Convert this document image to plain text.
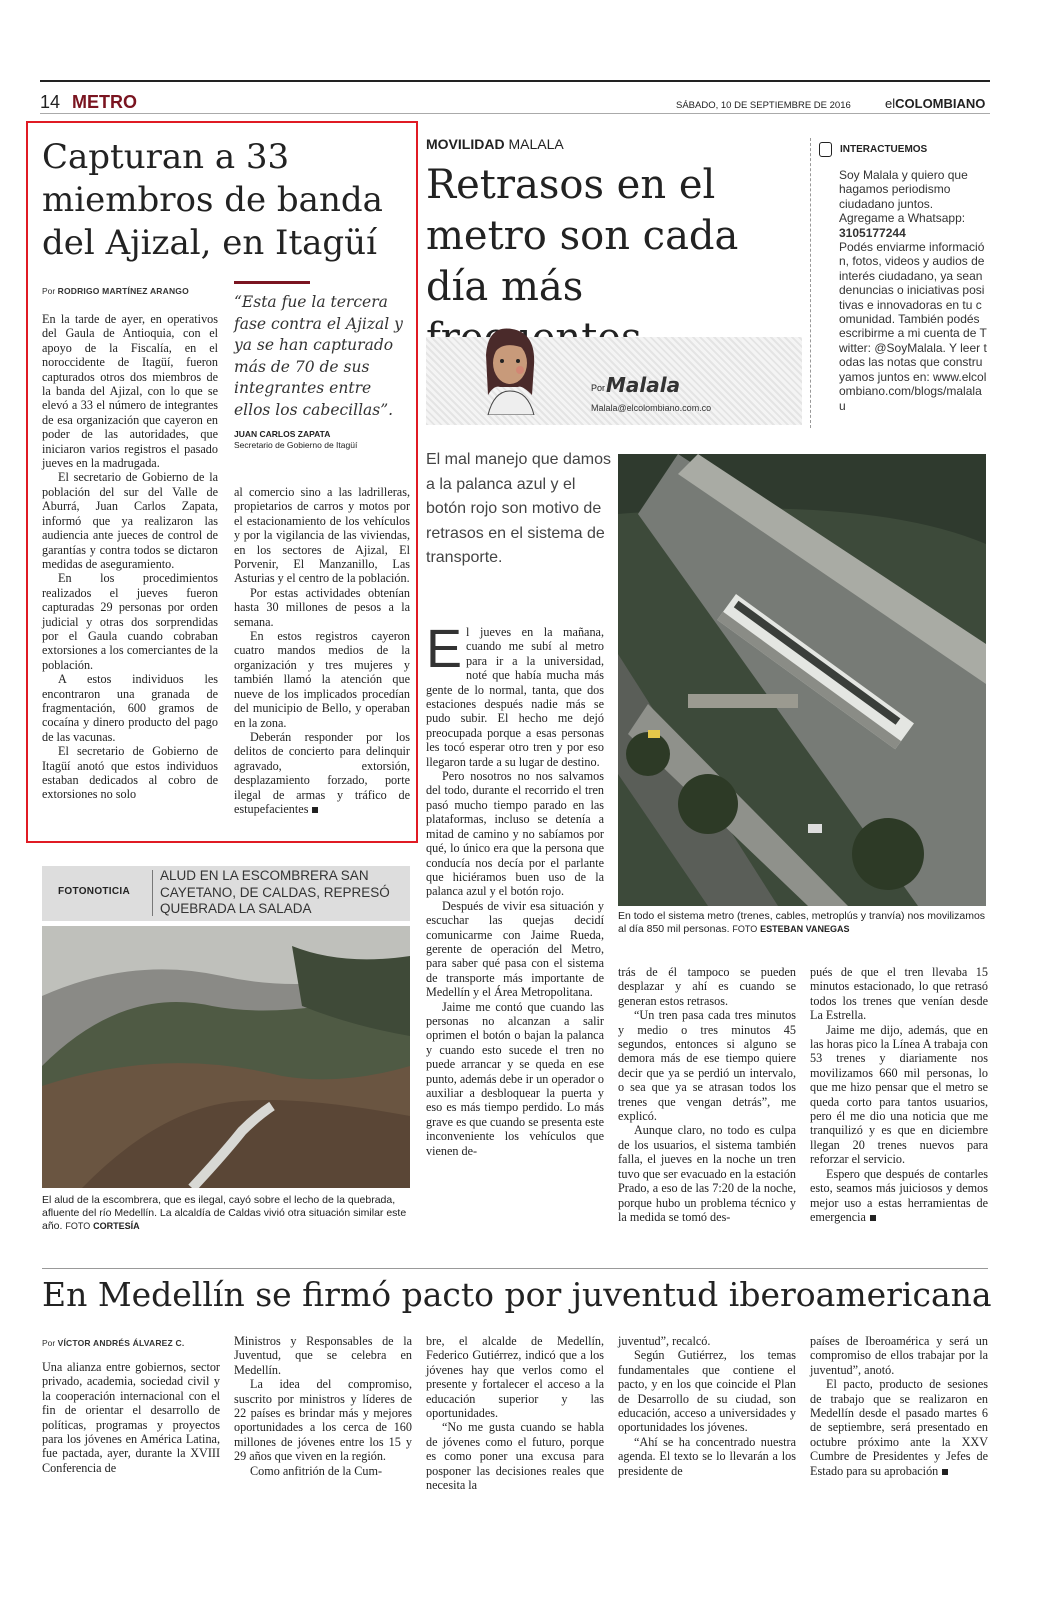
14 METRO	SÁBADO, 10 DE SEPTIEMBRE DE 2016	elCOLOMBIANO
Capturan a 33 miembros de banda del Ajizal, en Itagüí
Por RODRIGO MARTÍNEZ ARANGO

En la tarde de ayer, en operativos del Gaula de Antioquia, con el apoyo de la Fiscalía, en el noroccidente de Itagüí, fueron capturados otros dos miembros de la banda del Ajizal, con lo que se elevó a 33 el número de integrantes de esa organización que cayeron en poder de las autoridades, que iniciaron varios registros el pasado jueves en la madrugada.

El secretario de Gobierno de la población del sur del Valle de Aburrá, Juan Carlos Zapata, informó que ya realizaron las audiencia ante jueces de control de garantías y contra todos se dictaron medidas de aseguramiento.

En los procedimientos realizados el jueves fueron capturadas 29 personas por orden judicial y otras dos sorprendidas por el Gaula cuando cobraban extorsiones a los comerciantes de la población.

A estos individuos les encontraron una granada de fragmentación, 600 gramos de cocaína y dinero producto del pago de las vacunas.

El secretario de Gobierno de Itagüí anotó que estos individuos estaban dedicados al cobro de extorsiones no solo

“Esta fue la tercera fase contra el Ajizal y ya se han capturado más de 70 de sus integrantes entre ellos los cabecillas”.
JUAN CARLOS ZAPATA
Secretario de Gobierno de Itagüí

al comercio sino a las ladrilleras, propietarios de carros y motos por el estacionamiento de los vehículos y por la vigilancia de las viviendas, en los sectores de Ajizal, El Porvenir, El Manzanillo, Las Asturias y el centro de la población.

Por estas actividades obtenían hasta 30 millones de pesos a la semana.

En estos registros cayeron cuatro mandos medios de la organización y tres mujeres y también llamó la atención que nueve de los implicados procedían del municipio de Bello, y operaban en la zona.

Deberán responder por los delitos de concierto para delinquir agravado, extorsión, desplazamiento forzado, porte ilegal de armas y tráfico de estupefacientes

FOTONOTICIA
ALUD EN LA ESCOMBRERA SAN CAYETANO, DE CALDAS, REPRESÓ QUEBRADA LA SALADA
El alud de la escombrera, que es ilegal, cayó sobre el lecho de la quebrada, afluente del río Medellín. La alcaldía de Caldas vivió otra situación similar este año. FOTO CORTESÍA
MOVILIDAD MALALA
Retrasos en el metro son cada día más
Por Malala
Malala@elcolombiano.com.co
El mal manejo que damos a la palanca azul y el botón rojo son motivo de retrasos en el sistema de transporte.
En todo el sistema metro (trenes, cables, metroplús y tranvía) nos movilizamos al día 850 mil personas. FOTO ESTEBAN VANEGAS

El jueves en la mañana, cuando me subí al metro para ir a la universidad, noté que había mucha más gente de lo normal, tanta, que dos estaciones después nadie más se pudo subir. El hecho me dejó preocupada porque a esas personas les tocó esperar otro tren y por eso llegaron tarde a su lugar de destino.

Pero nosotros no nos salvamos del todo, durante el recorrido el tren pasó mucho tiempo parado en las plataformas, incluso se detenía a mitad de camino y no sabíamos por qué, lo único era que la persona que conducía nos decía por el parlante que hiciéramos buen uso de la palanca azul y el botón rojo.

Después de vivir esa situación y escuchar las quejas decidí comunicarme con Jaime Rueda, gerente de operación del Metro, para saber qué pasa con el sistema de transporte más importante de Medellín y el Área Metropolitana.

Jaime me contó que cuando las personas no alcanzan a salir oprimen el botón o bajan la palanca y cuando esto sucede el tren no puede arrancar y se queda en ese punto, además debe ir un operador o auxiliar a desbloquear la puerta y eso es más tiempo perdido. Lo más grave es que cuando se presenta este inconveniente los vehículos que vienen de-

trás de él tampoco se pueden desplazar y ahí es cuando se generan estos retrasos.

“Un tren pasa cada tres minutos y medio o tres minutos 45 segundos, entonces si alguno se demora más de ese tiempo quiere decir que ya se perdió un intervalo, o sea que ya se atrasan todos los trenes que vengan detrás”, me explicó.

Aunque claro, no todo es culpa de los usuarios, el sistema también falla, el jueves en la noche un tren tuvo que ser evacuado en la estación Prado, a eso de las 7:20 de la noche, porque hubo un problema técnico y la medida se tomó des-

pués de que el tren llevaba 15 minutos estacionado, lo que retrasó todos los trenes que venían desde La Estrella.

Jaime me dijo, además, que en las horas pico la Línea A trabaja con 53 trenes y diariamente nos movilizamos 660 mil personas, lo que me hizo pensar que el metro se queda corto para tantos usuarios, pero él me dio una noticia que me tranquilizó y es que en diciembre llegan 20 trenes nuevos para reforzar el servicio.

Espero que después de contarles esto, seamos más juiciosos y demos mejor uso a estas herramientas de emergencia

INTERACTUEMOS
Soy Malala y quiero que hagamos periodismo ciudadano juntos. Agregame a Whatsapp:
3105177244
Podés enviarme información, fotos, videos y audios de interés ciudadano, ya sean denuncias o iniciativas positivas e innovadoras en tu comunidad. También podés escribirme a mi cuenta de Twitter: @SoyMalala. Y leer todas las notas que construyamos juntos en: www.elcolombiano.com/blogs/malalau
En Medellín se firmó pacto por juventud iberoamericana
Por VÍCTOR ANDRÉS ÁLVAREZ C.

Una alianza entre gobiernos, sector privado, academia, sociedad civil y la cooperación internacional con el fin de orientar el desarrollo de políticas, programas y proyectos para los jóvenes en América Latina, fue pactada, ayer, durante la XVIII Conferencia de

Ministros y Responsables de la Juventud, que se celebra en Medellín.

La idea del compromiso, suscrito por ministros y líderes de 22 países es brindar más y mejores oportunidades a los cerca de 160 millones de jóvenes entre los 15 y 29 años que viven en la región.

Como anfitrión de la Cum-

bre, el alcalde de Medellín, Federico Gutiérrez, indicó que a los jóvenes hay que verlos como el presente y fortalecer el acceso a la educación superior y las oportunidades.

“No me gusta cuando se habla de jóvenes como el futuro, porque es como poner una excusa para posponer las decisiones reales que necesita la

juventud”, recalcó.

Según Gutiérrez, los temas fundamentales que contiene el pacto, y en los que coincide el Plan de Desarrollo de su ciudad, son educación, acceso a universidades y oportunidades los jóvenes.

“Ahí se ha concentrado nuestra agenda. El texto se lo llevarán a los presidente de

países de Iberoamérica y será un compromiso de ellos trabajar por la juventud”, anotó.

El pacto, producto de sesiones de trabajo que se realizaron en Medellín desde el pasado martes 6 de septiembre, será presentado en octubre próximo ante la XXV Cumbre de Presidentes y Jefes de Estado para su aprobación
